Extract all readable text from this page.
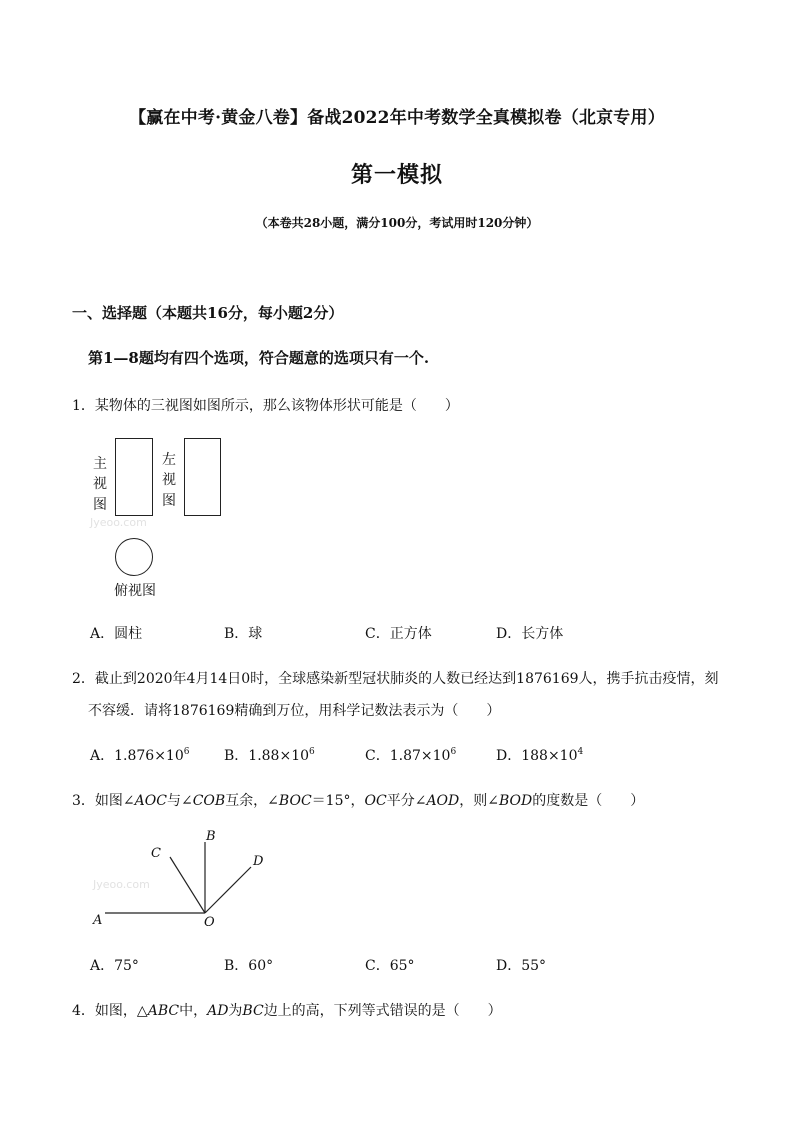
【赢在中考·黄金八卷】备战2022年中考数学全真模拟卷（北京专用）
第一模拟
（本卷共28小题，满分100分，考试用时120分钟）
一、选择题（本题共16分，每小题2分）
第1—8题均有四个选项，符合题意的选项只有一个.
1．某物体的三视图如图所示，那么该物体形状可能是（　　）
Jyeoo.com
主视图
左视图
俯视图
A．圆柱	B．球	C．正方体	D．长方体
2．截止到2020年4月14日0时，全球感染新型冠状肺炎的人数已经达到1876169人，携手抗击疫情，刻
不容缓．请将1876169精确到万位，用科学记数法表示为（　　）
A．$1.876\times 10^6$ B．$1.88\times 10^6$	C．$1.87\times 10^6$	D．$188\times 10^4$
3．如图∠AOC与∠COB互余，∠BOC＝15°，OC平分∠AOD，则∠BOD的度数是（　　）
Jyeoo.com
B
C
D
A	O
A．75°	B．60°	C．65°	D．55°
4．如图，△ABC中，AD为BC边上的高，下列等式错误的是（　　）
